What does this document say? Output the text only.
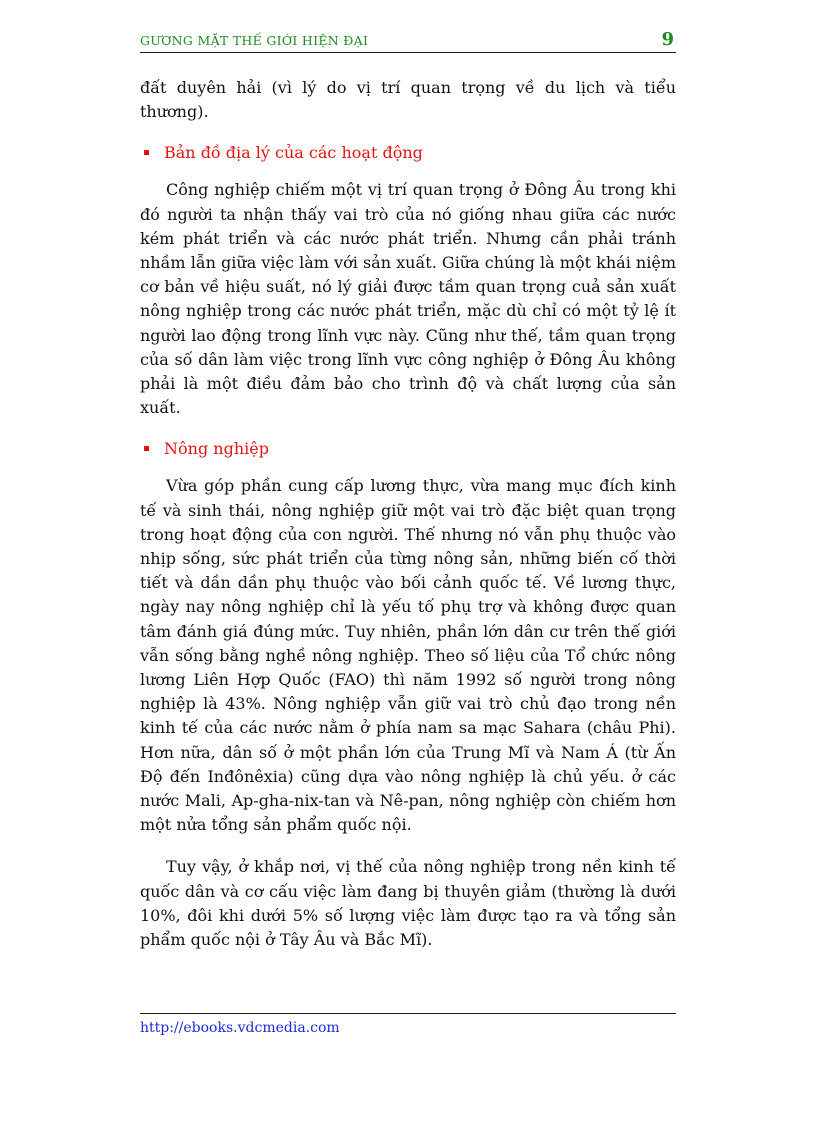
GƯƠNG MẶT THẾ GIỚI HIỆN ĐẠI	9

đất duyên hải (vì lý do vị trí quan trọng về du lịch và tiểu thương).

Bản đồ địa lý của các hoạt động

Công nghiệp chiếm một vị trí quan trọng ở Đông Âu trong khi đó người ta nhận thấy vai trò của nó giống nhau giữa các nước kém phát triển và các nước phát triển. Nhưng cần phải tránh nhầm lẫn giữa việc làm với sản xuất. Giữa chúng là một khái niệm cơ bản về hiệu suất, nó lý giải được tầm quan trọng cuả sản xuất nông nghiệp trong các nước phát triển, mặc dù chỉ có một tỷ lệ ít người lao động trong lĩnh vực này. Cũng như thế, tầm quan trọng của số dân làm việc trong lĩnh vực công nghiệp ở Đông Âu không phải là một điều đảm bảo cho trình độ và chất lượng của sản xuất.

Nông nghiệp

Vừa góp phần cung cấp lương thực, vừa mang mục đích kinh tế và sinh thái, nông nghiệp giữ một vai trò đặc biệt quan trọng trong hoạt động của con người. Thế nhưng nó vẫn phụ thuộc vào nhịp sống, sức phát triển của từng nông sản, những biến cố thời tiết và dần dần phụ thuộc vào bối cảnh quốc tế. Về lương thực, ngày nay nông nghiệp chỉ là yếu tố phụ trợ và không được quan tâm đánh giá đúng mức. Tuy nhiên, phần lớn dân cư trên thế giới vẫn sống bằng nghề nông nghiệp. Theo số liệu của Tổ chức nông lương Liên Hợp Quốc (FAO) thì năm 1992 số người trong nông nghiệp là 43%. Nông nghiệp vẫn giữ vai trò chủ đạo trong nền kinh tế của các nước nằm ở phía nam sa mạc Sahara (châu Phi). Hơn nữa, dân số ở một phần lớn của Trung Mĩ và Nam Á (từ Ấn Độ đến Inđônêxia) cũng dựa vào nông nghiệp là chủ yếu. ở các nước Mali, Ap-gha-nix-tan và Nê-pan, nông nghiệp còn chiếm hơn một nửa tổng sản phẩm quốc nội.

Tuy vậy, ở khắp nơi, vị thế của nông nghiệp trong nền kinh tế quốc dân và cơ cấu việc làm đang bị thuyên giảm (thường là dưới 10%, đôi khi dưới 5% số lượng việc làm được tạo ra và tổng sản phẩm quốc nội ở Tây Âu và Bắc Mĩ).

http://ebooks.vdcmedia.com
